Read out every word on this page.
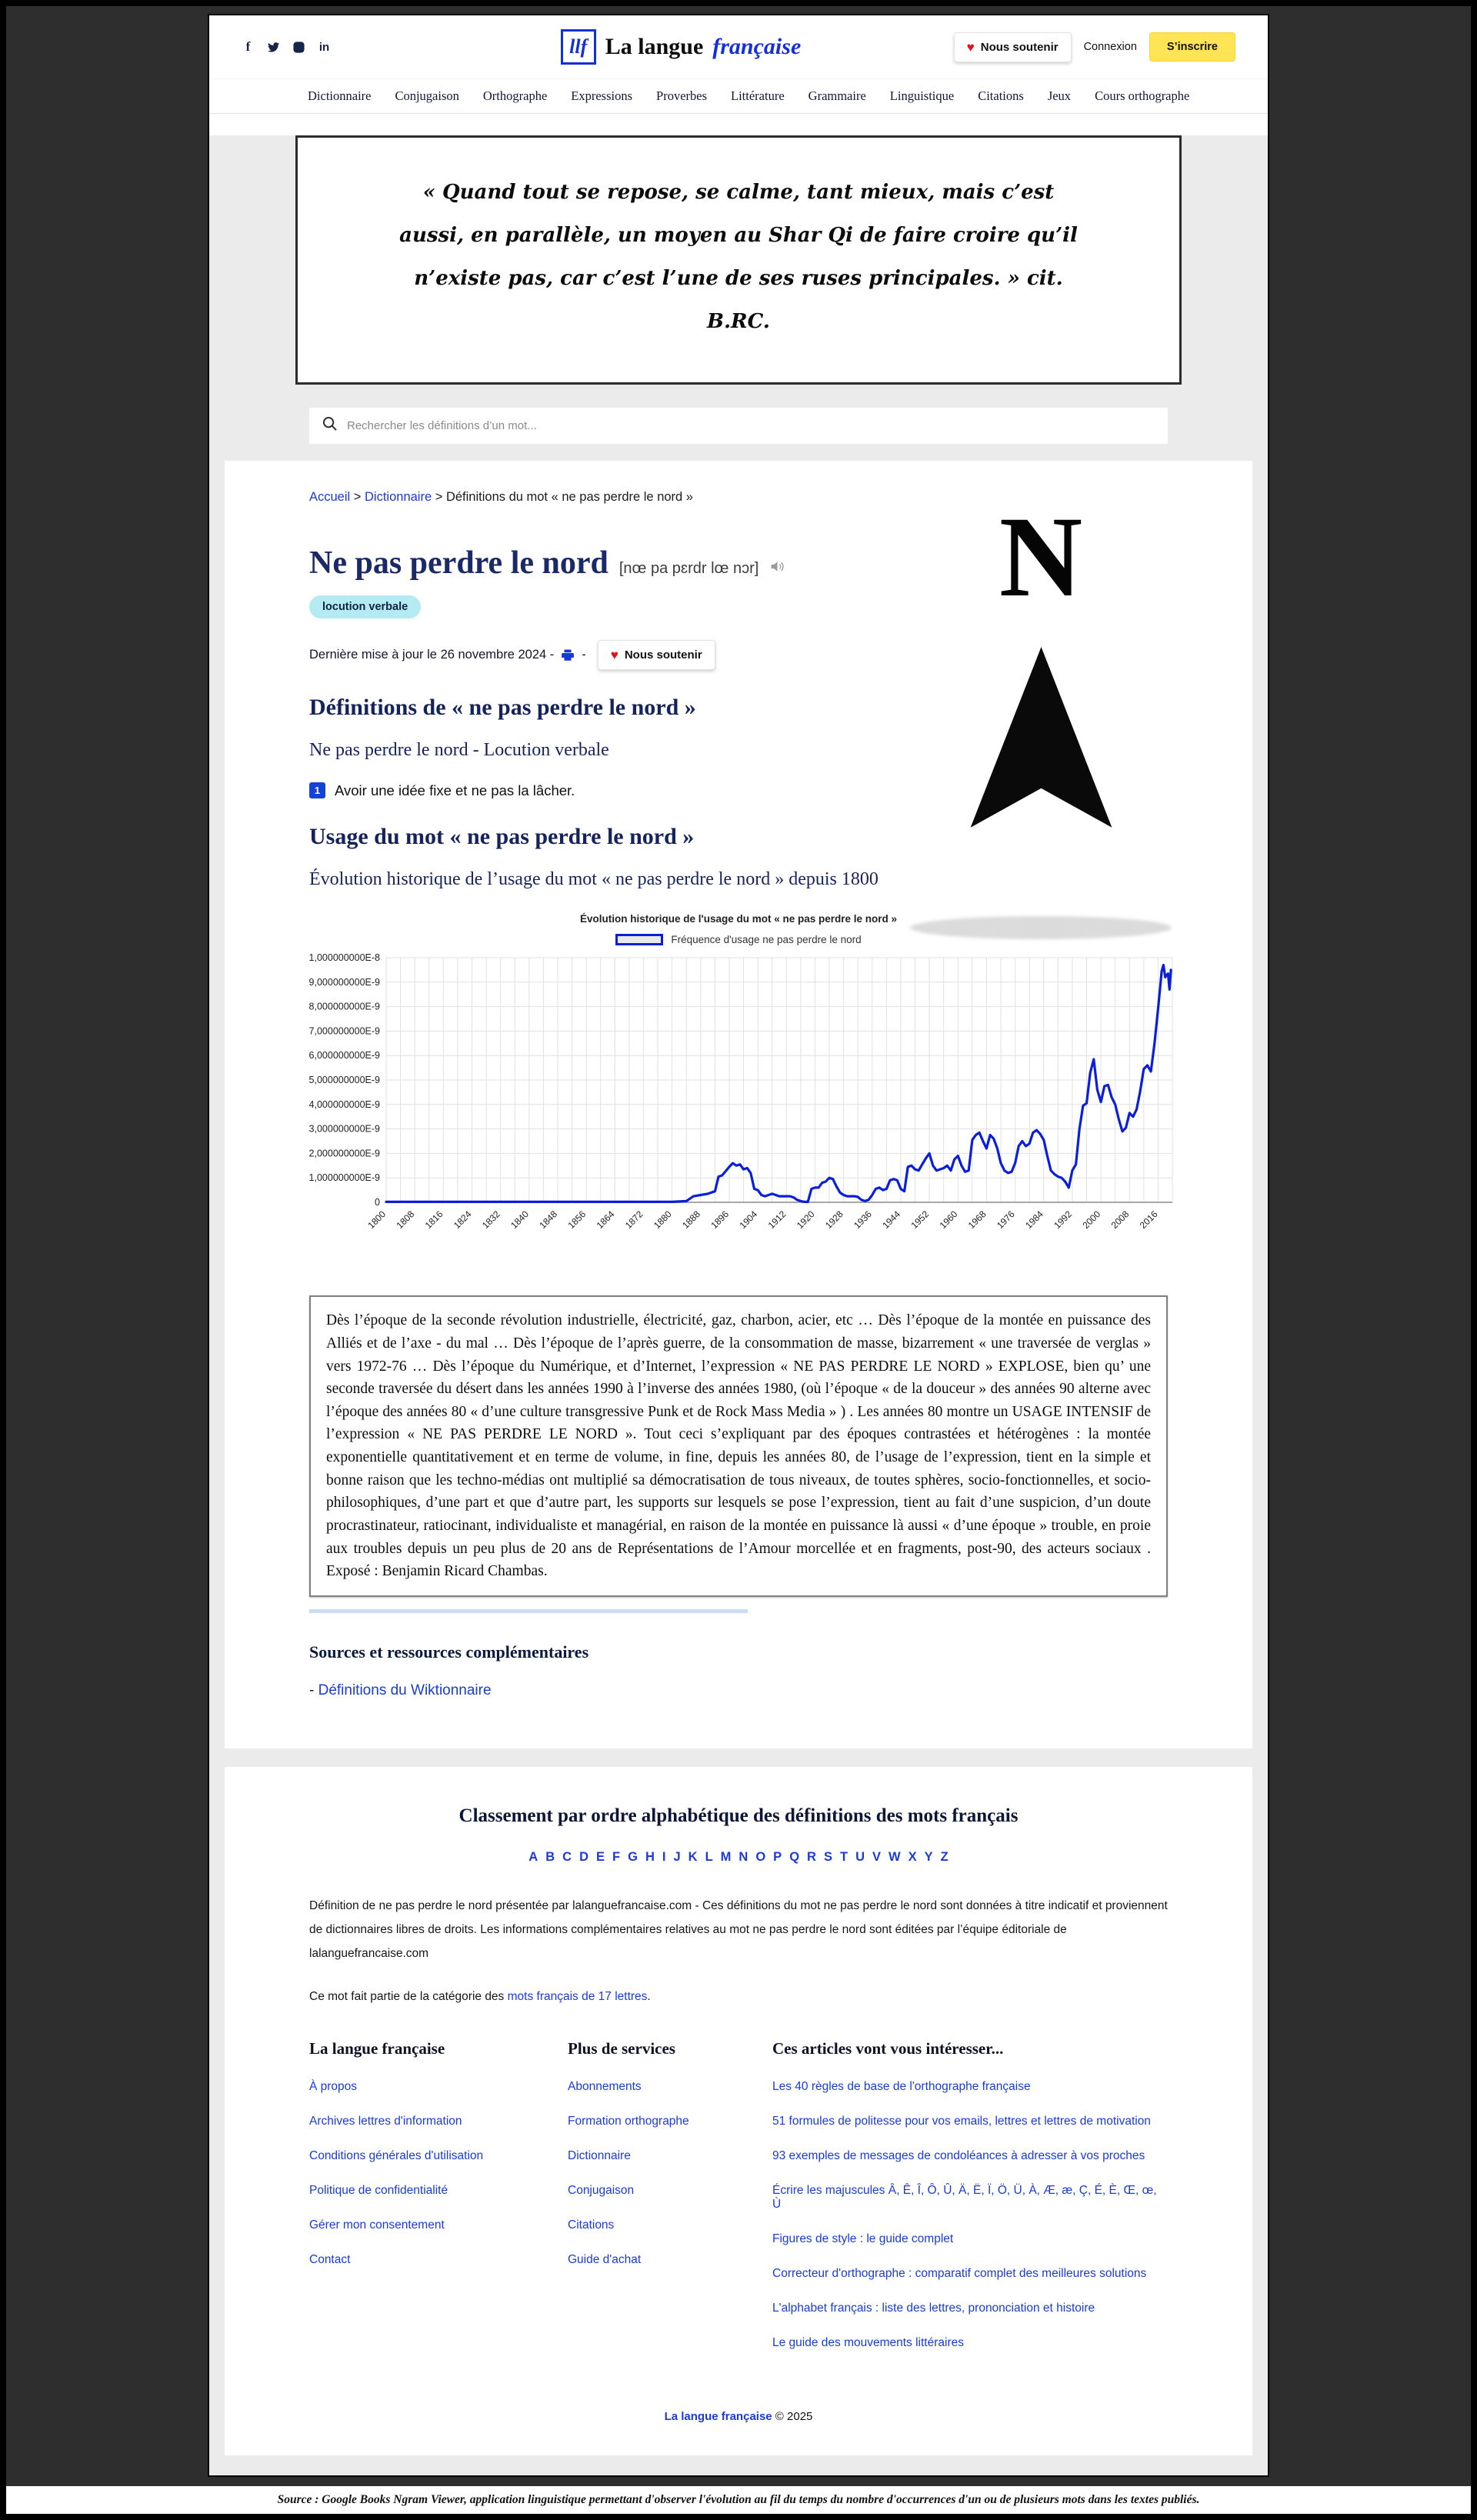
f	in	llf La langue française	♥ Nous soutenir Connexion	S’inscrire
Dictionnaire Conjugaison Orthographe Expressions Proverbes Littérature Grammaire Linguistique Citations Jeux Cours orthographe
« Quand tout se repose, se calme, tant mieux, mais c’est aussi, en parallèle, un moyen au Shar Qi de faire croire qu’il n’existe pas, car c’est l’une de ses ruses principales. » cit. B.RC.
Rechercher les définitions d’un mot...
Accueil > Dictionnaire > Définitions du mot « ne pas perdre le nord »
Ne pas perdre le nord [nœ pa pɛrdr lœ nɔr]
locution verbale
Dernière mise à jour le 26 novembre 2024 - - ♥ Nous soutenir
Définitions de « ne pas perdre le nord »
Ne pas perdre le nord - Locution verbale
1	Avoir une idée fixe et ne pas la lâcher.
N
Usage du mot « ne pas perdre le nord »
Évolution historique de l’usage du mot « ne pas perdre le nord » depuis 1800
Évolution historique de l'usage du mot « ne pas perdre le nord »
Fréquence d'usage ne pas perdre le nord
1,000000000E-8
9,000000000E-9
8,000000000E-9
7,000000000E-9
6,000000000E-9
5,000000000E-9
4,000000000E-9
3,000000000E-9
2,000000000E-9
1,000000000E-9
0
1800 1808 1816 1824 1832 1840 1848 1856 1864 1872 1880 1888 1896 1904 1912 1920 1928 1936 1944 1952 1960 1968 1976 1984 1992 2000 2008 2016
Dès l’époque de la seconde révolution industrielle, électricité, gaz, charbon, acier, etc … Dès l’époque de la montée en puissance des Alliés et de l’axe - du mal … Dès l’époque de l’après guerre, de la consommation de masse, bizarrement « une traversée de verglas » vers 1972-76 … Dès l’époque du Numérique, et d’Internet, l’expression « NE PAS PERDRE LE NORD » EXPLOSE, bien qu’ une seconde traversée du désert dans les années 1990 à l’inverse des années 1980, (où l’époque « de la douceur » des années 90 alterne avec l’époque des années 80 « d’une culture transgressive Punk et de Rock Mass Media » ) . Les années 80 montre un USAGE INTENSIF de l’expression « NE PAS PERDRE LE NORD ». Tout ceci s’expliquant par des époques contrastées et hétérogènes : la montée exponentielle quantitativement et en terme de volume, in fine, depuis les années 80, de l’usage de l’expression, tient en la simple et bonne raison que les techno-médias ont multiplié sa démocratisation de tous niveaux, de toutes sphères, socio-fonctionnelles, et socio-philosophiques, d’une part et que d’autre part, les supports sur lesquels se pose l’expression, tient au fait d’une suspicion, d’un doute procrastinateur, ratiocinant, individualiste et managérial, en raison de la montée en puissance là aussi « d’une époque » trouble, en proie aux troubles depuis un peu plus de 20 ans de Représentations de l’Amour morcellée et en fragments, post-90, des acteurs sociaux . Exposé : Benjamin Ricard Chambas.
Sources et ressources complémentaires
- Définitions du Wiktionnaire
Classement par ordre alphabétique des définitions des mots français
A B C D E F G H I J K L M N O P Q R S T U V W X Y Z
Définition de ne pas perdre le nord présentée par lalanguefrancaise.com - Ces définitions du mot ne pas perdre le nord sont données à titre indicatif et proviennent de dictionnaires libres de droits. Les informations complémentaires relatives au mot ne pas perdre le nord sont éditées par l’équipe éditoriale de lalanguefrancaise.com
Ce mot fait partie de la catégorie des mots français de 17 lettres.
La langue française
À propos
Archives lettres d'information
Conditions générales d'utilisation
Politique de confidentialité
Gérer mon consentement
Contact
Plus de services
Abonnements
Formation orthographe
Dictionnaire
Conjugaison
Citations
Guide d'achat
Ces articles vont vous intéresser...
Les 40 règles de base de l'orthographe française
51 formules de politesse pour vos emails, lettres et lettres de motivation
93 exemples de messages de condoléances à adresser à vos proches
Écrire les majuscules Â, Ê, Î, Ô, Û, Ä, Ë, Ï, Ö, Ü, À, Æ, æ, Ç, É, È, Œ, œ, Ù
Figures de style : le guide complet
Correcteur d'orthographe : comparatif complet des meilleures solutions
L'alphabet français : liste des lettres, prononciation et histoire
Le guide des mouvements littéraires
La langue française © 2025
Source : Google Books Ngram Viewer, application linguistique permettant d'observer l'évolution au fil du temps du nombre d'occurrences d'un ou de plusieurs mots dans les textes publiés.
